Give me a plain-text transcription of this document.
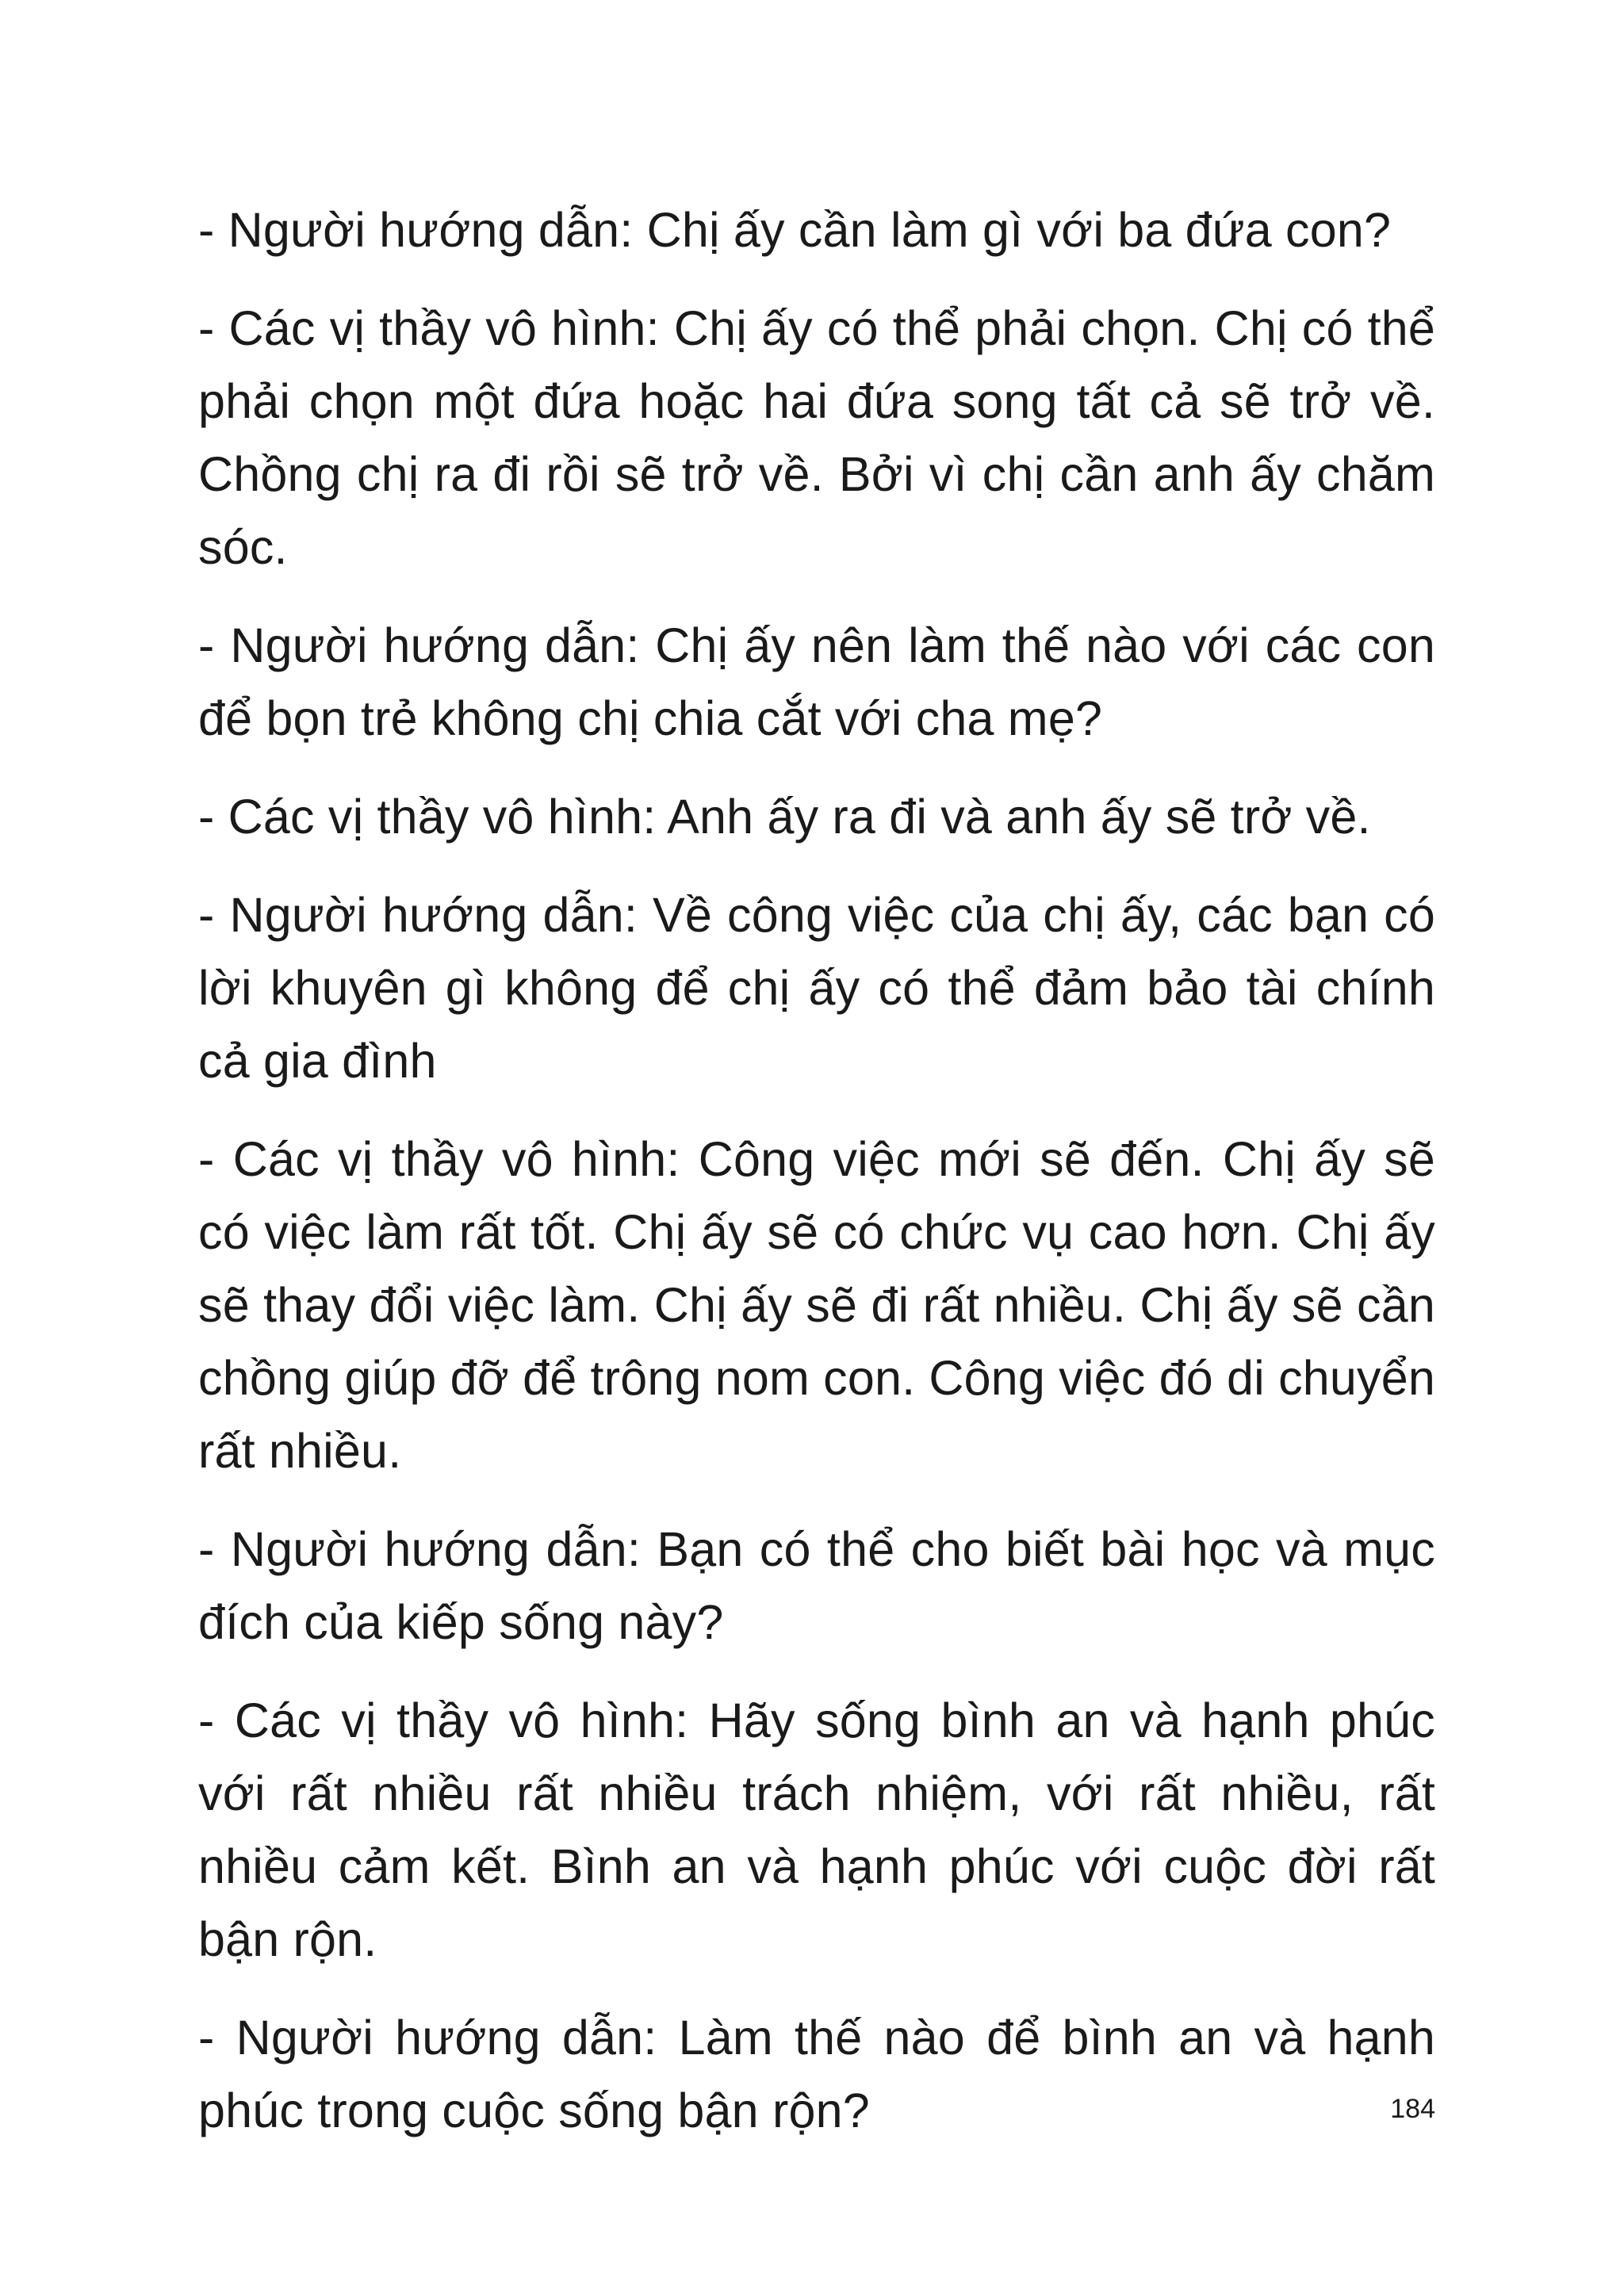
- Người hướng dẫn: Chị ấy cần làm gì với ba đứa con?

- Các vị thầy vô hình: Chị ấy có thể phải chọn. Chị có thể phải chọn một đứa hoặc hai đứa song tất cả sẽ trở về. Chồng chị ra đi rồi sẽ trở về. Bởi vì chị cần anh ấy chăm sóc.

- Người hướng dẫn: Chị ấy nên làm thế nào với các con để bọn trẻ không chị chia cắt với cha mẹ?

- Các vị thầy vô hình: Anh ấy ra đi và anh ấy sẽ trở về.

- Người hướng dẫn: Về công việc của chị ấy, các bạn có lời khuyên gì không để chị ấy có thể đảm bảo tài chính cả gia đình

- Các vị thầy vô hình: Công việc mới sẽ đến. Chị ấy sẽ có việc làm rất tốt. Chị ấy sẽ có chức vụ cao hơn. Chị ấy sẽ thay đổi việc làm. Chị ấy sẽ đi rất nhiều. Chị ấy sẽ cần chồng giúp đỡ để trông nom con. Công việc đó di chuyển rất nhiều.

- Người hướng dẫn: Bạn có thể cho biết bài học và mục đích của kiếp sống này?

- Các vị thầy vô hình: Hãy sống bình an và hạnh phúc với rất nhiều rất nhiều trách nhiệm, với rất nhiều, rất nhiều cảm kết. Bình an và hạnh phúc với cuộc đời rất bận rộn.

- Người hướng dẫn: Làm thế nào để bình an và hạnh phúc trong cuộc sống bận rộn?	184
